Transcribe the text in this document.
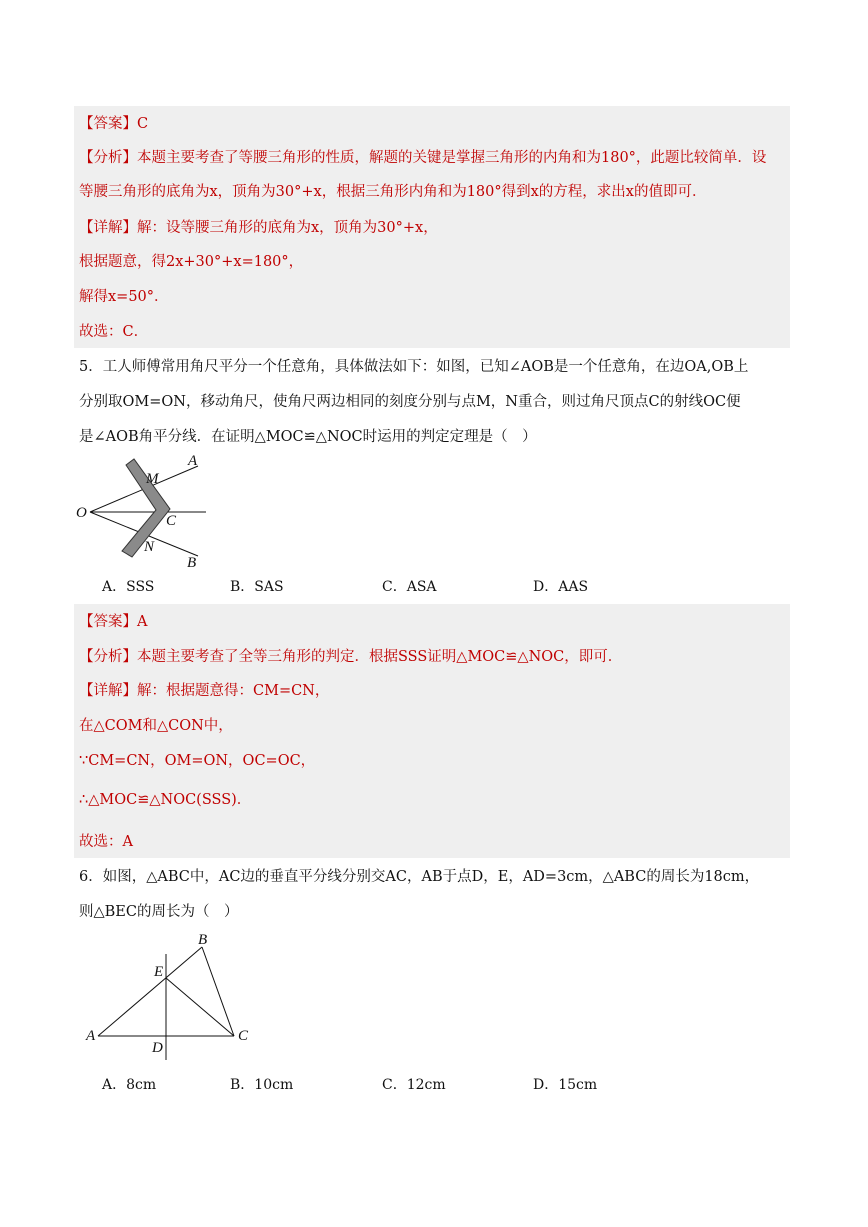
【答案】C
【分析】本题主要考查了等腰三角形的性质，解题的关键是掌握三角形的内角和为180°，此题比较简单．设
等腰三角形的底角为x，顶角为30°+x，根据三角形内角和为180°得到x的方程，求出x的值即可．
【详解】解：设等腰三角形的底角为x，顶角为30°+x，
根据题意，得2x+30°+x=180°，
解得x=50°．
故选：C．
5．工人师傅常用角尺平分一个任意角，具体做法如下：如图，已知∠AOB是一个任意角，在边OA,OB上
分别取OM=ON，移动角尺，使角尺两边相同的刻度分别与点M，N重合，则过角尺顶点C的射线OC便
是∠AOB角平分线．在证明△MOC≌△NOC时运用的判定定理是（　）
O
A
M
C
N
B
A．SSS	B．SAS	C．ASA	D．AAS
【答案】A
【分析】本题主要考查了全等三角形的判定．根据SSS证明△MOC≌△NOC，即可．
【详解】解：根据题意得：CM=CN，
在△COM和△CON中，
∵CM=CN，OM=ON，OC=OC，
∴△MOC≌△NOC(SSS)．
故选：A
6．如图，△ABC中，AC边的垂直平分线分别交AC，AB于点D，E，AD=3cm，△ABC的周长为18cm，
则△BEC的周长为（　）
A
B
C
D
E
A．8cm	B．10cm	C．12cm	D．15cm
